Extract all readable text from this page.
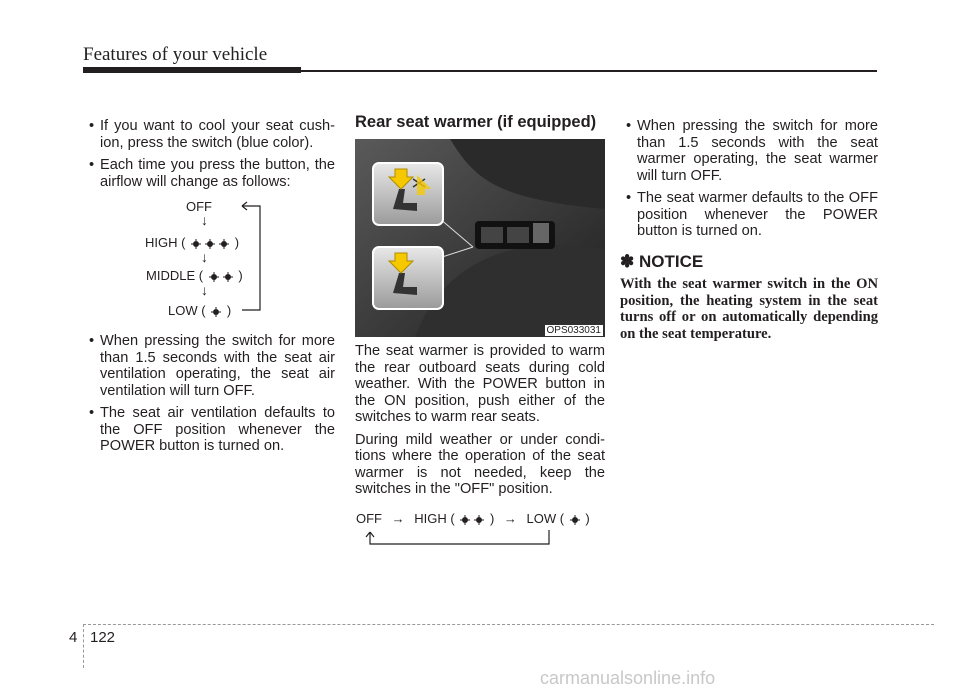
Features of your vehicle
• If you want to cool your seat cush- ion, press the switch (blue color).
• Each time you press the button, the airflow will change as follows:
OFF
↓
HIGH (	)
↓
MIDDLE (	)
↓
LOW ( )
• When pressing the switch for more than 1.5 seconds with the seat air ventilation operating, the seat air ventilation will turn OFF.
• The seat air ventilation defaults to the OFF position whenever the POWER button is turned on.
Rear seat warmer (if equipped)
OPS033031

The seat warmer is provided to warm the rear outboard seats during cold weather. With the POWER button in the ON position, push either of the switches to warm rear seats.

During mild weather or under condi- tions where the operation of the seat warmer is not needed, keep the switches in the "OFF" position.

OFF → HIGH (	) → LOW ( )
• When pressing the switch for more than 1.5 seconds with the seat warmer operating, the seat warmer will turn OFF.
• The seat warmer defaults to the OFF position whenever the POWER button is turned on.
✽ NOTICE
With the seat warmer switch in the ON position, the heating system in the seat turns off or on automatically depending on the seat temperature.
4 122
carmanualsonline.info
